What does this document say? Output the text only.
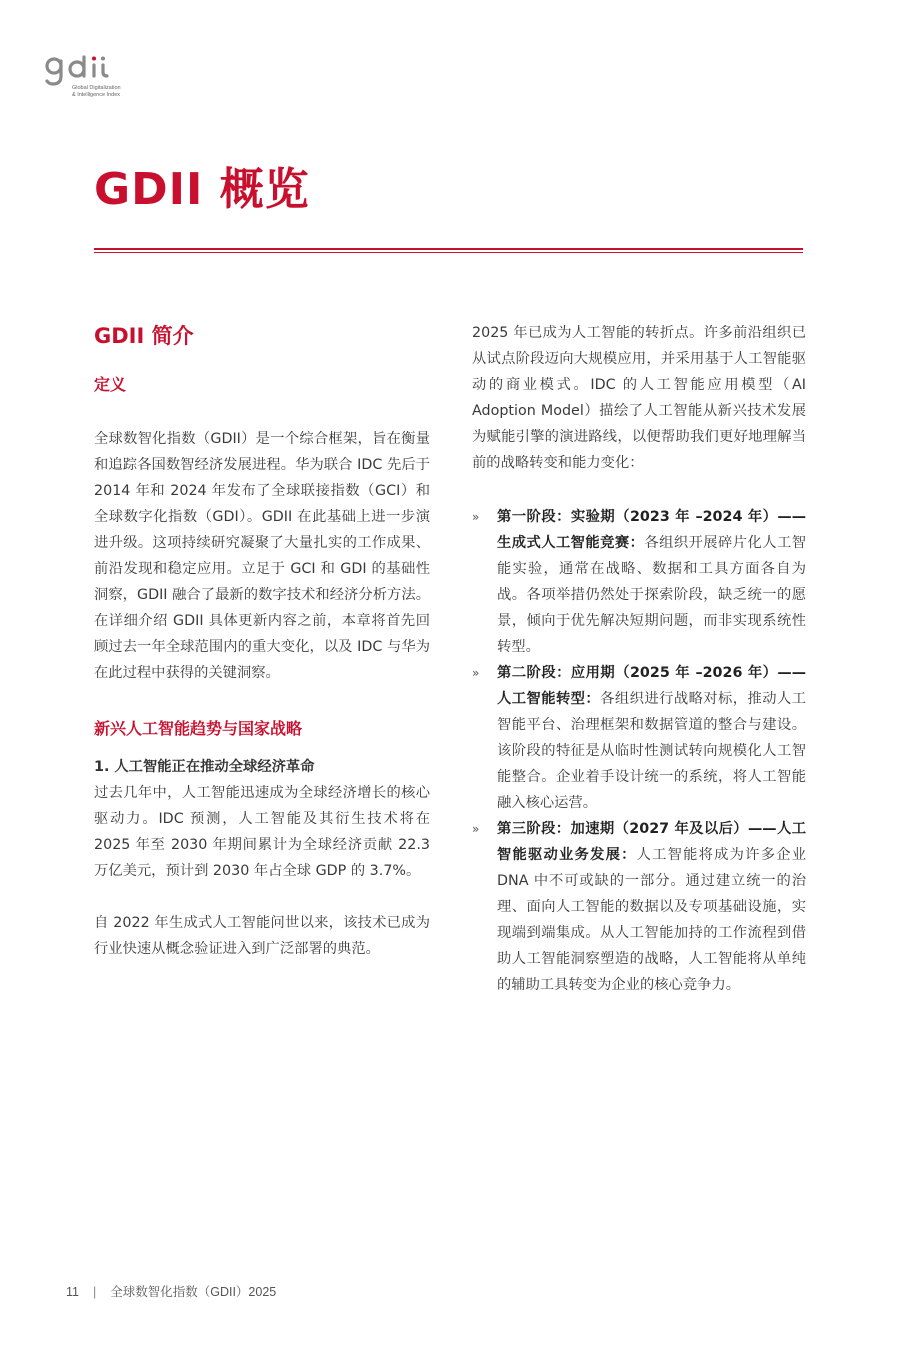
Global Digitalization
& Intelligence Index
GDII 概览
GDII 简介
定义

全球数智化指数（GDII）是一个综合框架，旨在衡量和追踪各国数智经济发展进程。华为联合 IDC 先后于 2014 年和 2024 年发布了全球联接指数（GCI）和全球数字化指数（GDI）。GDII 在此基础上进一步演进升级。这项持续研究凝聚了大量扎实的工作成果、前沿发现和稳定应用。立足于 GCI 和 GDI 的基础性洞察，GDII 融合了最新的数字技术和经济分析方法。在详细介绍 GDII 具体更新内容之前，本章将首先回顾过去一年全球范围内的重大变化，以及 IDC 与华为在此过程中获得的关键洞察。

新兴人工智能趋势与国家战略

1. 人工智能正在推动全球经济革命

过去几年中，人工智能迅速成为全球经济增长的核心驱动力。IDC 预测，人工智能及其衍生技术将在 2025 年至 2030 年期间累计为全球经济贡献 22.3 万亿美元，预计到 2030 年占全球 GDP 的 3.7%。

自 2022 年生成式人工智能问世以来，该技术已成为行业快速从概念验证进入到广泛部署的典范。

2025 年已成为人工智能的转折点。许多前沿组织已从试点阶段迈向大规模应用，并采用基于人工智能驱动的商业模式。IDC 的人工智能应用模型（AI Adoption Model）描绘了人工智能从新兴技术发展为赋能引擎的演进路线，以便帮助我们更好地理解当前的战略转变和能力变化：

» 第一阶段：实验期（2023 年 –2024 年）——生成式人工智能竞赛：各组织开展碎片化人工智能实验，通常在战略、数据和工具方面各自为战。各项举措仍然处于探索阶段，缺乏统一的愿景，倾向于优先解决短期问题，而非实现系统性转型。
» 第二阶段：应用期（2025 年 –2026 年）——人工智能转型：各组织进行战略对标，推动人工智能平台、治理框架和数据管道的整合与建设。该阶段的特征是从临时性测试转向规模化人工智能整合。企业着手设计统一的系统，将人工智能融入核心运营。
» 第三阶段：加速期（2027 年及以后）——人工智能驱动业务发展：人工智能将成为许多企业 DNA 中不可或缺的一部分。通过建立统一的治理、面向人工智能的数据以及专项基础设施，实现端到端集成。从人工智能加持的工作流程到借助人工智能洞察塑造的战略，人工智能将从单纯的辅助工具转变为企业的核心竞争力。
11 | 全球数智化指数（GDII）2025
